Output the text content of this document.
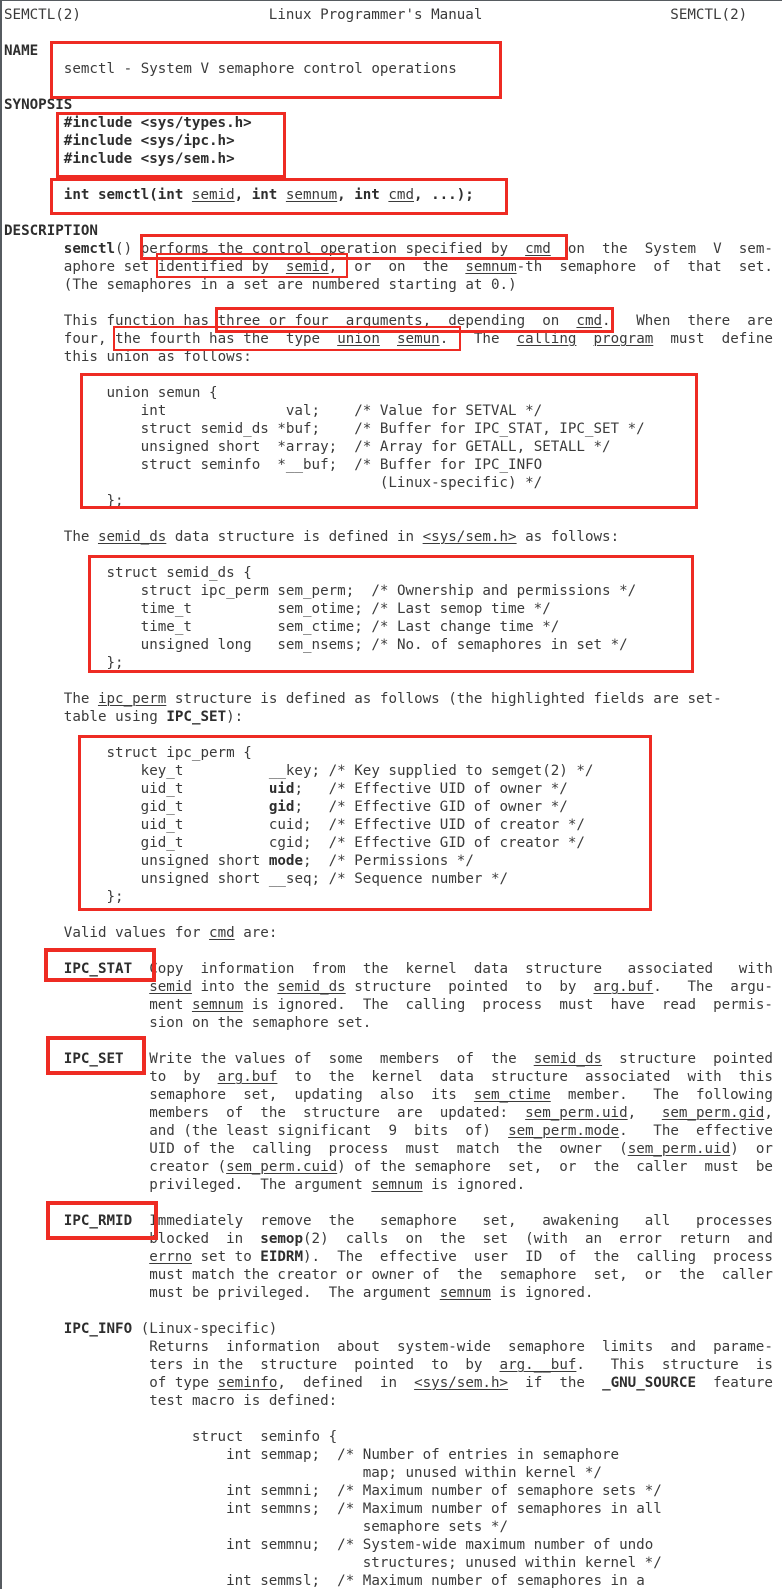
SEMCTL(2)	Linux Programmer's Manual	SEMCTL(2)
NAME
semctl - System V semaphore control operations
SYNOPSIS
#include <sys/types.h>
#include <sys/ipc.h>
#include <sys/sem.h>
int semctl(int semid, int semnum, int cmd, ...);
DESCRIPTION
semctl() performs the control operation specified by cmd on the System V sem-
aphore set identified by semid, or on the semnum-th semaphore of that set.
(The semaphores in a set are numbered starting at 0.)
This function has three or four arguments, depending on cmd. When there are
four, the fourth has the type union semun. The calling program must define
this union as follows:
union semun {
int	val; /* Value for SETVAL */
struct semid_ds *buf; /* Buffer for IPC_STAT, IPC_SET */
unsigned short *array; /* Array for GETALL, SETALL */
struct seminfo *__buf; /* Buffer for IPC_INFO
(Linux-specific) */
};
The semid_ds data structure is defined in <sys/sem.h> as follows:
struct semid_ds {
struct ipc_perm sem_perm; /* Ownership and permissions */
time_t	sem_otime; /* Last semop time */
time_t	sem_ctime; /* Last change time */
unsigned long sem_nsems; /* No. of semaphores in set */
};
The ipc_perm structure is defined as follows (the highlighted fields are set-
table using IPC_SET):
struct ipc_perm {
key_t	__key; /* Key supplied to semget(2) */
uid_t	uid; /* Effective UID of owner */
gid_t	gid; /* Effective GID of owner */
uid_t	cuid; /* Effective UID of creator */
gid_t	cgid; /* Effective GID of creator */
unsigned short mode; /* Permissions */
unsigned short __seq; /* Sequence number */
};
Valid values for cmd are:
IPC_STAT Copy information from the kernel data structure associated with
semid into the semid_ds structure pointed to by arg.buf. The argu-
ment semnum is ignored. The calling process must have read permis-
sion on the semaphore set.
IPC_SET Write the values of some members of the semid_ds structure pointed
to by arg.buf to the kernel data structure associated with this
semaphore set, updating also its sem_ctime member. The following
members of the structure are updated: sem_perm.uid, sem_perm.gid,
and (the least significant 9 bits of) sem_perm.mode. The effective
UID of the calling process must match the owner (sem_perm.uid) or
creator (sem_perm.cuid) of the semaphore set, or the caller must be
privileged. The argument semnum is ignored.
IPC_RMID Immediately remove the semaphore set, awakening all processes
blocked in semop(2) calls on the set (with an error return and
errno set to EIDRM). The effective user ID of the calling process
must match the creator or owner of the semaphore set, or the caller
must be privileged. The argument semnum is ignored.
IPC_INFO (Linux-specific)
Returns information about system-wide semaphore limits and parame-
ters in the structure pointed to by arg.__buf. This structure is
of type seminfo, defined in <sys/sem.h> if the _GNU_SOURCE feature
test macro is defined:
struct seminfo {
int semmap; /* Number of entries in semaphore
map; unused within kernel */
int semmni; /* Maximum number of semaphore sets */
int semmns; /* Maximum number of semaphores in all
semaphore sets */
int semmnu; /* System-wide maximum number of undo
structures; unused within kernel */
int semmsl; /* Maximum number of semaphores in a
